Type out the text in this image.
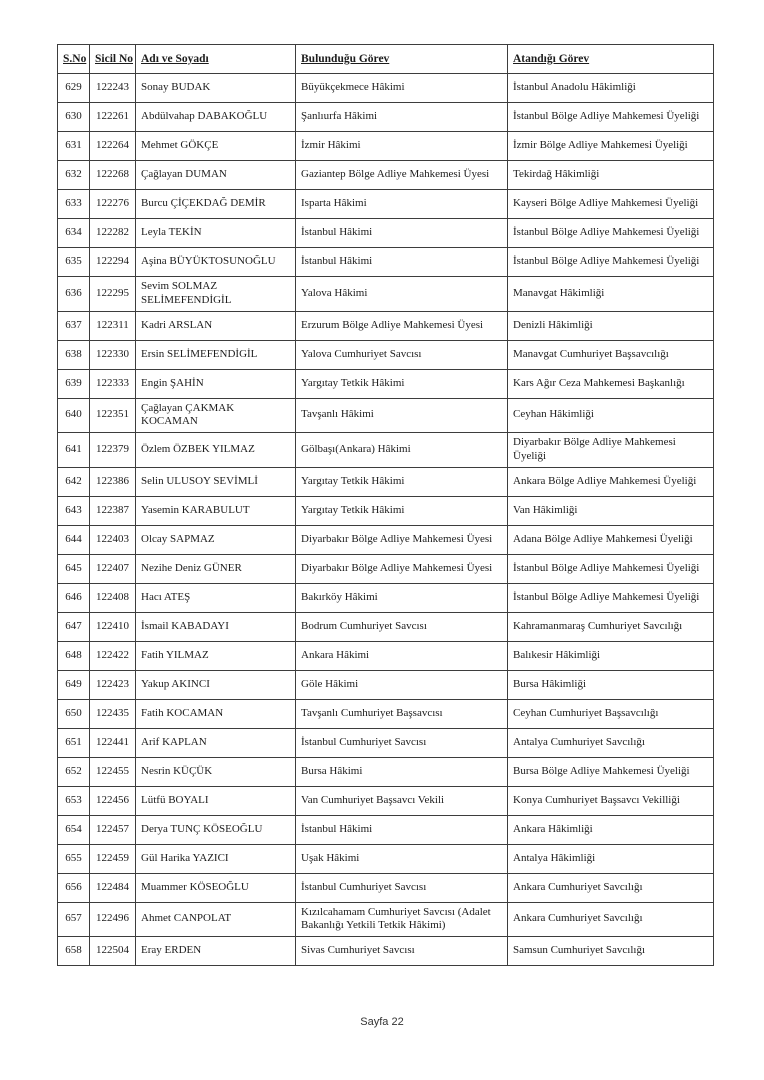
S.No	Sicil No	Adı ve Soyadı	Bulunduğu Görev	Atandığı Görev
629	122243	Sonay BUDAK	Büyükçekmece Hâkimi	İstanbul Anadolu Hâkimliği
630	122261	Abdülvahap DABAKOĞLU	Şanlıurfa Hâkimi	İstanbul Bölge Adliye Mahkemesi Üyeliği
631	122264	Mehmet GÖKÇE	İzmir Hâkimi	İzmir Bölge Adliye Mahkemesi Üyeliği
632	122268	Çağlayan DUMAN	Gaziantep Bölge Adliye Mahkemesi Üyesi	Tekirdağ Hâkimliği
633	122276	Burcu ÇİÇEKDAĞ DEMİR	Isparta Hâkimi	Kayseri Bölge Adliye Mahkemesi Üyeliği
634	122282	Leyla TEKİN	İstanbul Hâkimi	İstanbul Bölge Adliye Mahkemesi Üyeliği
635	122294	Aşina BÜYÜKTOSUNOĞLU	İstanbul Hâkimi	İstanbul Bölge Adliye Mahkemesi Üyeliği
636	122295	Sevim SOLMAZ SELİMEFENDİGİL	Yalova Hâkimi	Manavgat Hâkimliği
637	122311	Kadri ARSLAN	Erzurum Bölge Adliye Mahkemesi Üyesi	Denizli Hâkimliği
638	122330	Ersin SELİMEFENDİGİL	Yalova Cumhuriyet Savcısı	Manavgat Cumhuriyet Başsavcılığı
639	122333	Engin ŞAHİN	Yargıtay Tetkik Hâkimi	Kars Ağır Ceza Mahkemesi Başkanlığı
640	122351	Çağlayan ÇAKMAK KOCAMAN	Tavşanlı Hâkimi	Ceyhan Hâkimliği
641	122379	Özlem ÖZBEK YILMAZ	Gölbaşı(Ankara) Hâkimi	Diyarbakır Bölge Adliye Mahkemesi Üyeliği
642	122386	Selin ULUSOY SEVİMLİ	Yargıtay Tetkik Hâkimi	Ankara Bölge Adliye Mahkemesi Üyeliği
643	122387	Yasemin KARABULUT	Yargıtay Tetkik Hâkimi	Van Hâkimliği
644	122403	Olcay SAPMAZ	Diyarbakır Bölge Adliye Mahkemesi Üyesi	Adana Bölge Adliye Mahkemesi Üyeliği
645	122407	Nezihe Deniz GÜNER	Diyarbakır Bölge Adliye Mahkemesi Üyesi	İstanbul Bölge Adliye Mahkemesi Üyeliği
646	122408	Hacı ATEŞ	Bakırköy Hâkimi	İstanbul Bölge Adliye Mahkemesi Üyeliği
647	122410	İsmail KABADAYI	Bodrum Cumhuriyet Savcısı	Kahramanmaraş Cumhuriyet Savcılığı
648	122422	Fatih YILMAZ	Ankara Hâkimi	Balıkesir Hâkimliği
649	122423	Yakup AKINCI	Göle Hâkimi	Bursa Hâkimliği
650	122435	Fatih KOCAMAN	Tavşanlı Cumhuriyet Başsavcısı	Ceyhan Cumhuriyet Başsavcılığı
651	122441	Arif KAPLAN	İstanbul Cumhuriyet Savcısı	Antalya Cumhuriyet Savcılığı
652	122455	Nesrin KÜÇÜK	Bursa Hâkimi	Bursa Bölge Adliye Mahkemesi Üyeliği
653	122456	Lütfü BOYALI	Van Cumhuriyet Başsavcı Vekili	Konya Cumhuriyet Başsavcı Vekilliği
654	122457	Derya TUNÇ KÖSEOĞLU	İstanbul Hâkimi	Ankara Hâkimliği
655	122459	Gül Harika YAZICI	Uşak Hâkimi	Antalya Hâkimliği
656	122484	Muammer KÖSEOĞLU	İstanbul Cumhuriyet Savcısı	Ankara Cumhuriyet Savcılığı
657	122496	Ahmet CANPOLAT	Kızılcahamam Cumhuriyet Savcısı (Adalet Bakanlığı Yetkili Tetkik Hâkimi)	Ankara Cumhuriyet Savcılığı
658	122504	Eray ERDEN	Sivas Cumhuriyet Savcısı	Samsun Cumhuriyet Savcılığı
Sayfa 22
